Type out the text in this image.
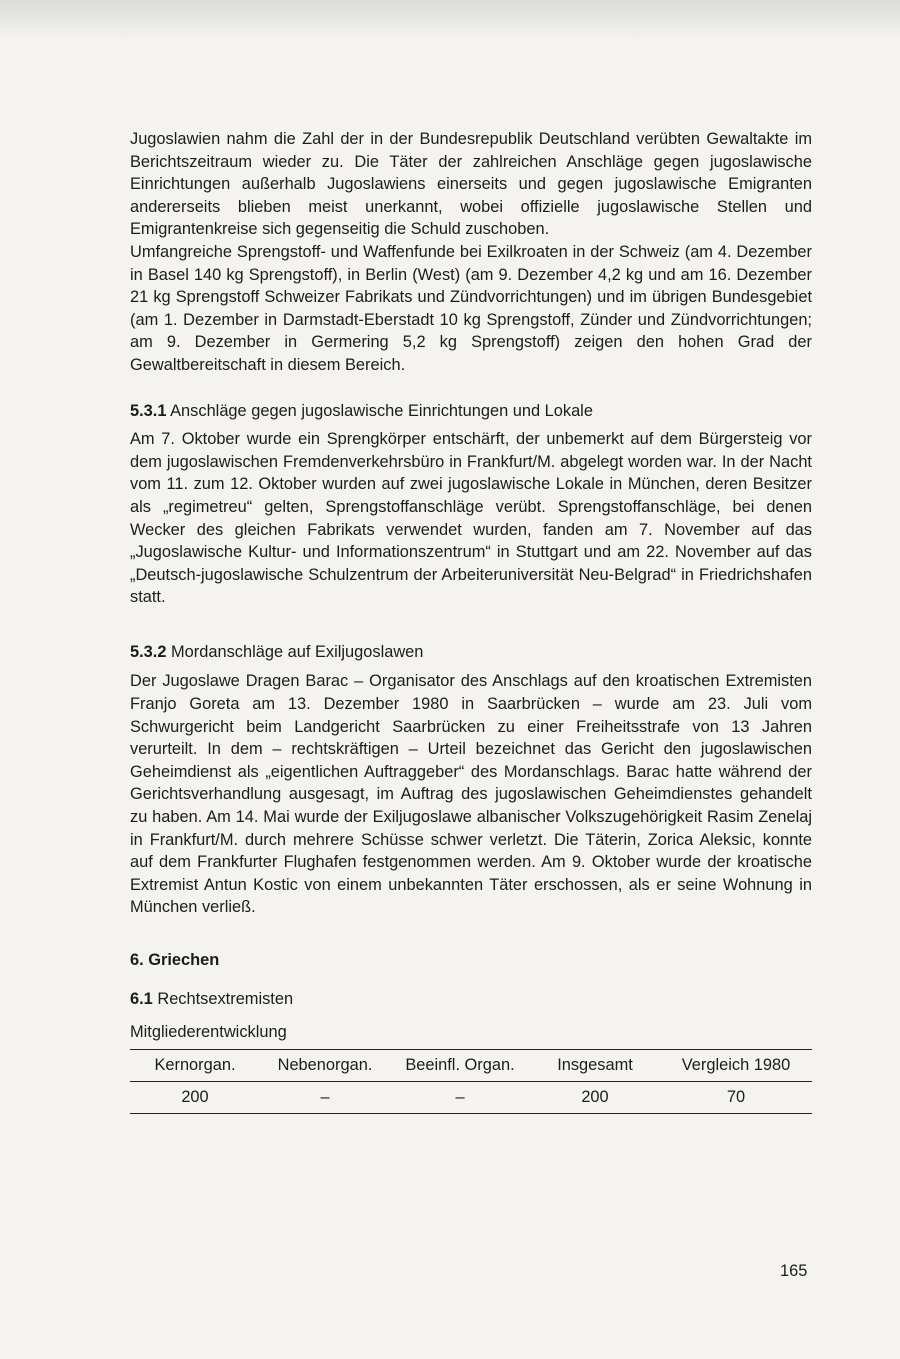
Jugoslawien nahm die Zahl der in der Bundesrepublik Deutschland verübten Gewaltakte im Berichtszeitraum wieder zu. Die Täter der zahlreichen Anschläge gegen jugoslawische Einrichtungen außerhalb Jugoslawiens einerseits und gegen jugoslawische Emigranten andererseits blieben meist unerkannt, wobei offizielle jugoslawische Stellen und Emigrantenkreise sich gegenseitig die Schuld zuschoben.

Umfangreiche Sprengstoff- und Waffenfunde bei Exilkroaten in der Schweiz (am 4. Dezember in Basel 140 kg Sprengstoff), in Berlin (West) (am 9. Dezember 4,2 kg und am 16. Dezember 21 kg Sprengstoff Schweizer Fabrikats und Zündvorrichtungen) und im übrigen Bundesgebiet (am 1. Dezember in Darmstadt-Eberstadt 10 kg Sprengstoff, Zünder und Zündvorrichtungen; am 9. Dezember in Germering 5,2 kg Sprengstoff) zeigen den hohen Grad der Gewaltbereitschaft in diesem Bereich.

5.3.1 Anschläge gegen jugoslawische Einrichtungen und Lokale

Am 7. Oktober wurde ein Sprengkörper entschärft, der unbemerkt auf dem Bürgersteig vor dem jugoslawischen Fremdenverkehrsbüro in Frankfurt/M. abgelegt worden war. In der Nacht vom 11. zum 12. Oktober wurden auf zwei jugoslawische Lokale in München, deren Besitzer als „regimetreu“ gelten, Sprengstoffanschläge verübt. Sprengstoffanschläge, bei denen Wecker des gleichen Fabrikats verwendet wurden, fanden am 7. November auf das „Jugoslawische Kultur- und Informationszentrum“ in Stuttgart und am 22. November auf das „Deutsch-jugoslawische Schulzentrum der Arbeiteruniversität Neu-Belgrad“ in Friedrichshafen statt.

5.3.2 Mordanschläge auf Exiljugoslawen

Der Jugoslawe Dragen Barac – Organisator des Anschlags auf den kroatischen Extremisten Franjo Goreta am 13. Dezember 1980 in Saarbrücken – wurde am 23. Juli vom Schwurgericht beim Landgericht Saarbrücken zu einer Freiheitsstrafe von 13 Jahren verurteilt. In dem – rechtskräftigen – Urteil bezeichnet das Gericht den jugoslawischen Geheimdienst als „eigentlichen Auftraggeber“ des Mordanschlags. Barac hatte während der Gerichtsverhandlung ausgesagt, im Auftrag des jugoslawischen Geheimdienstes gehandelt zu haben. Am 14. Mai wurde der Exiljugoslawe albanischer Volkszugehörigkeit Rasim Zenelaj in Frankfurt/M. durch mehrere Schüsse schwer verletzt. Die Täterin, Zorica Aleksic, konnte auf dem Frankfurter Flughafen festgenommen werden. Am 9. Oktober wurde der kroatische Extremist Antun Kostic von einem unbekannten Täter erschossen, als er seine Wohnung in München verließ.

6. Griechen

6.1 Rechtsextremisten

Mitgliederentwicklung

Kernorgan.	Nebenorgan.	Beeinfl. Organ.	Insgesamt	Vergleich 1980
200	–	–	200	70
165
